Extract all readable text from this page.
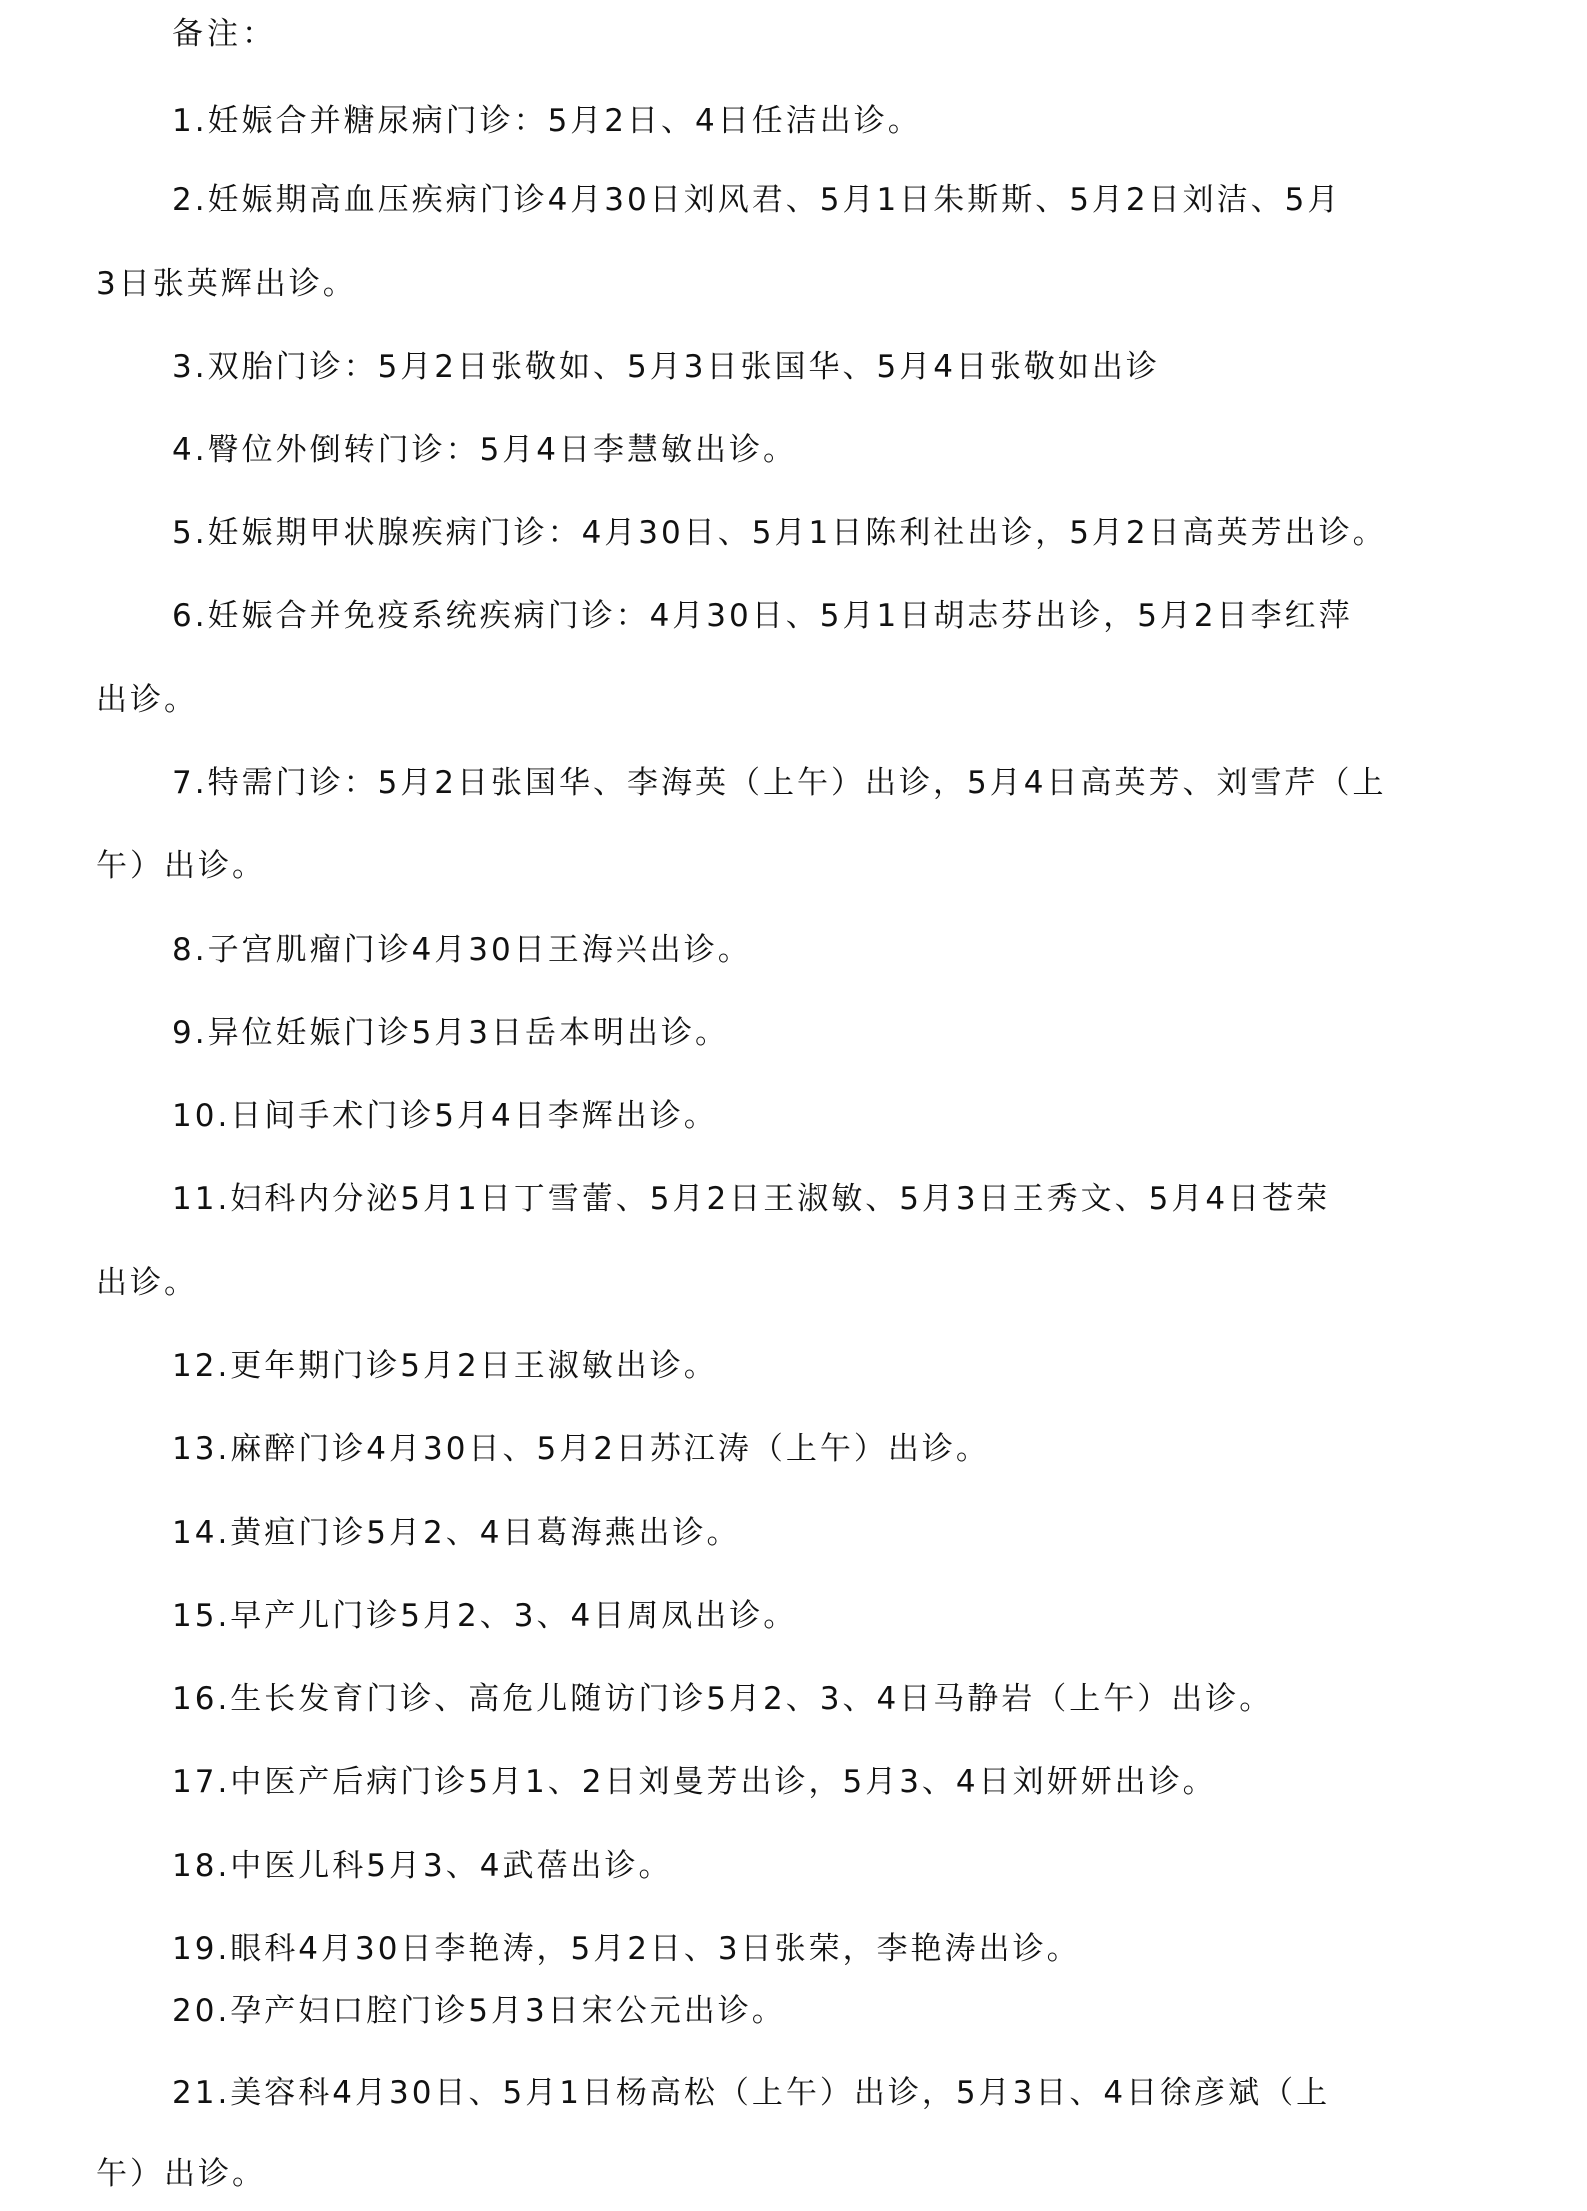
备注：
1.妊娠合并糖尿病门诊：5月2日、4日任洁出诊。
2.妊娠期高血压疾病门诊4月30日刘风君、5月1日朱斯斯、5月2日刘洁、5月
3日张英辉出诊。
3.双胎门诊：5月2日张敬如、5月3日张国华、5月4日张敬如出诊
4.臀位外倒转门诊：5月4日李慧敏出诊。
5.妊娠期甲状腺疾病门诊：4月30日、5月1日陈利社出诊，5月2日高英芳出诊。
6.妊娠合并免疫系统疾病门诊：4月30日、5月1日胡志芬出诊，5月2日李红萍
出诊。
7.特需门诊：5月2日张国华、李海英（上午）出诊，5月4日高英芳、刘雪芹（上
午）出诊。
8.子宫肌瘤门诊4月30日王海兴出诊。
9.异位妊娠门诊5月3日岳本明出诊。
10.日间手术门诊5月4日李辉出诊。
11.妇科内分泌5月1日丁雪蕾、5月2日王淑敏、5月3日王秀文、5月4日苍荣
出诊。
12.更年期门诊5月2日王淑敏出诊。
13.麻醉门诊4月30日、5月2日苏江涛（上午）出诊。
14.黄疸门诊5月2、4日葛海燕出诊。
15.早产儿门诊5月2、3、4日周凤出诊。
16.生长发育门诊、高危儿随访门诊5月2、3、4日马静岩（上午）出诊。
17.中医产后病门诊5月1、2日刘曼芳出诊，5月3、4日刘妍妍出诊。
18.中医儿科5月3、4武蓓出诊。
19.眼科4月30日李艳涛，5月2日、3日张荣，李艳涛出诊。
20.孕产妇口腔门诊5月3日宋公元出诊。
21.美容科4月30日、5月1日杨高松（上午）出诊，5月3日、4日徐彦斌（上
午）出诊。
